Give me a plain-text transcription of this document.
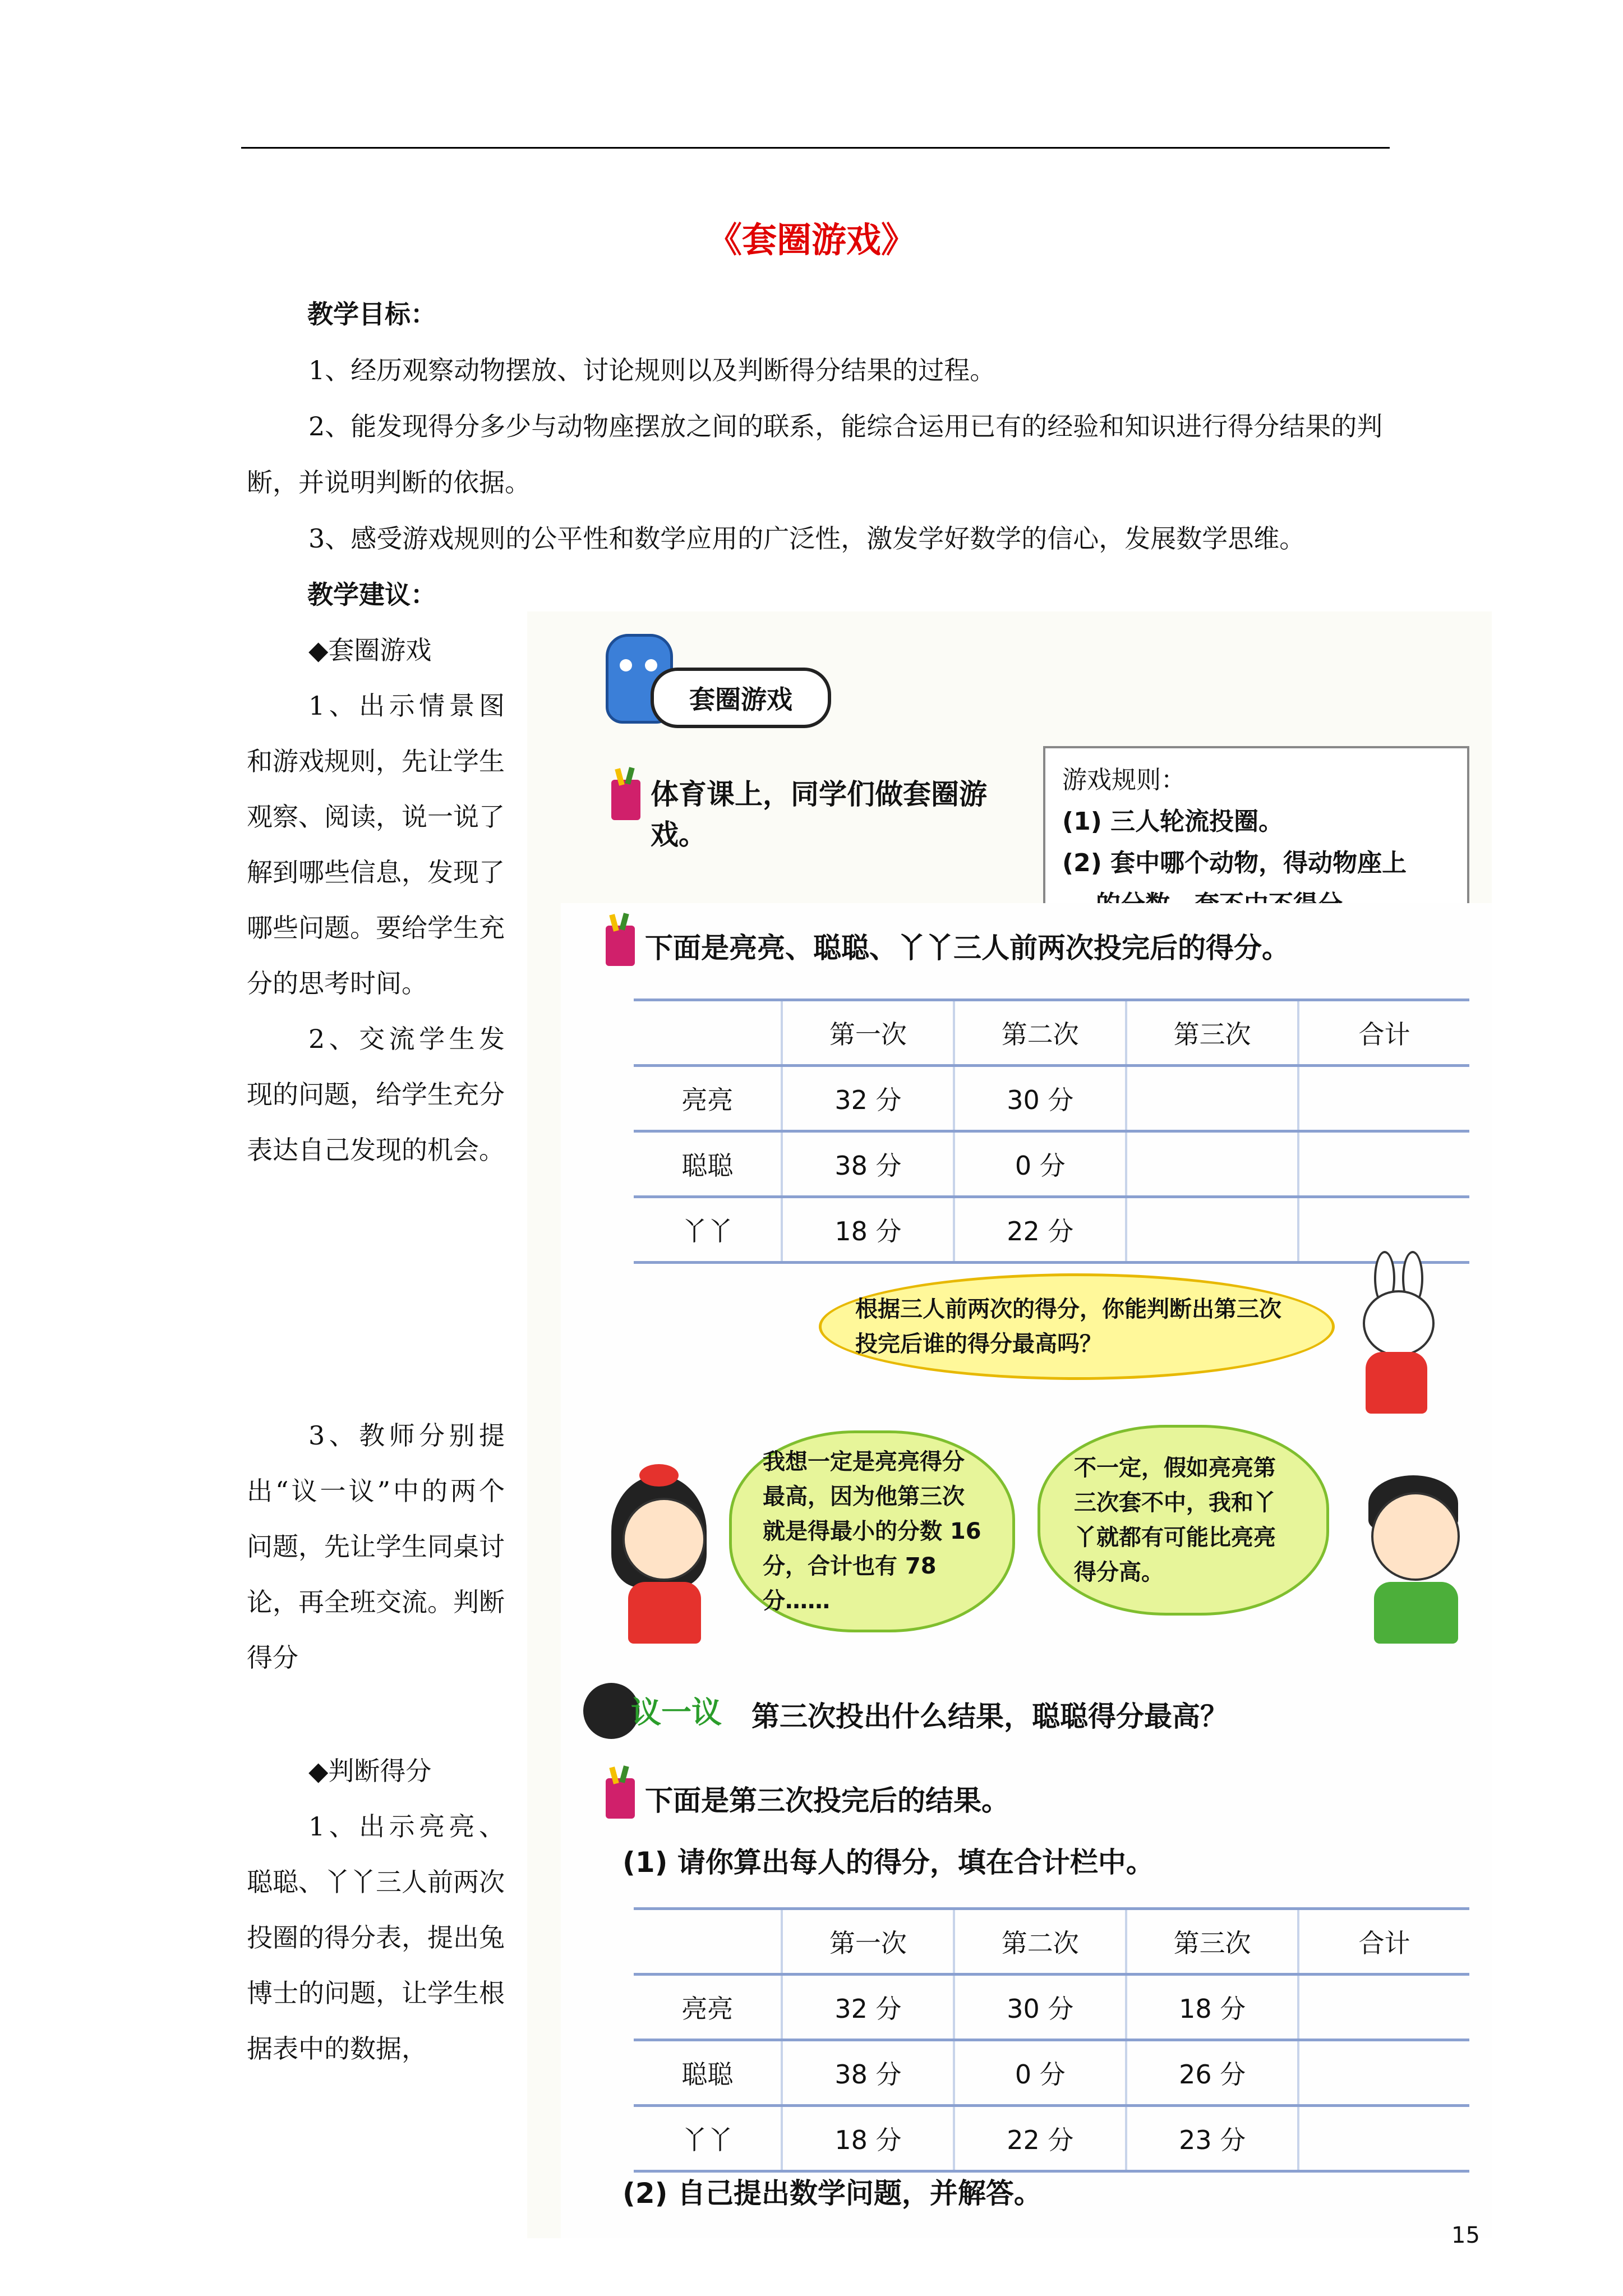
《套圈游戏》

教学目标：

1、经历观察动物摆放、讨论规则以及判断得分结果的过程。

2、能发现得分多少与动物座摆放之间的联系，能综合运用已有的经验和知识进行得分结果的判断，并说明判断的依据。

3、感受游戏规则的公平性和数学应用的广泛性，激发学好数学的信心，发展数学思维。

教学建议：

◆套圈游戏

1、出示情景图和游戏规则，先让学生观察、阅读，说一说了解到哪些信息，发现了哪些问题。要给学生充分的思考时间。

2、交流学生发现的问题，给学生充分表达自己发现的机会。

3、教师分别提出“议一议”中的两个问题，先让学生同桌讨论，再全班交流。判断得分

◆判断得分

1、出示亮亮、聪聪、丫丫三人前两次投圈的得分表，提出兔博士的问题，让学生根据表中的数据，

套圈游戏
体育课上，同学们做套圈游戏。
游戏规则：
(1) 三人轮流投圈。
(2) 套中哪个动物，得动物座上
下面是亮亮、聪聪、丫丫三人前两次投完后的得分。
	第一次	第二次	第三次	合计
亮亮	32 分	30 分		
聪聪	38 分	0 分		
丫丫	18 分	22 分		
根据三人前两次的得分，你能判断出第三次投完后谁的得分最高吗？
我想一定是亮亮得分最高，因为他第三次就是得最小的分数 16 分，合计也有 78 分……
不一定，假如亮亮第三次套不中，我和丫丫就都有可能比亮亮得分高。
议一议 第三次投出什么结果，聪聪得分最高？
下面是第三次投完后的结果。
(1) 请你算出每人的得分，填在合计栏中。
	第一次	第二次	第三次	合计
亮亮	32 分	30 分	18 分	
聪聪	38 分	0 分	26 分	
丫丫	18 分	22 分	23 分	
(2) 自己提出数学问题，并解答。
15
